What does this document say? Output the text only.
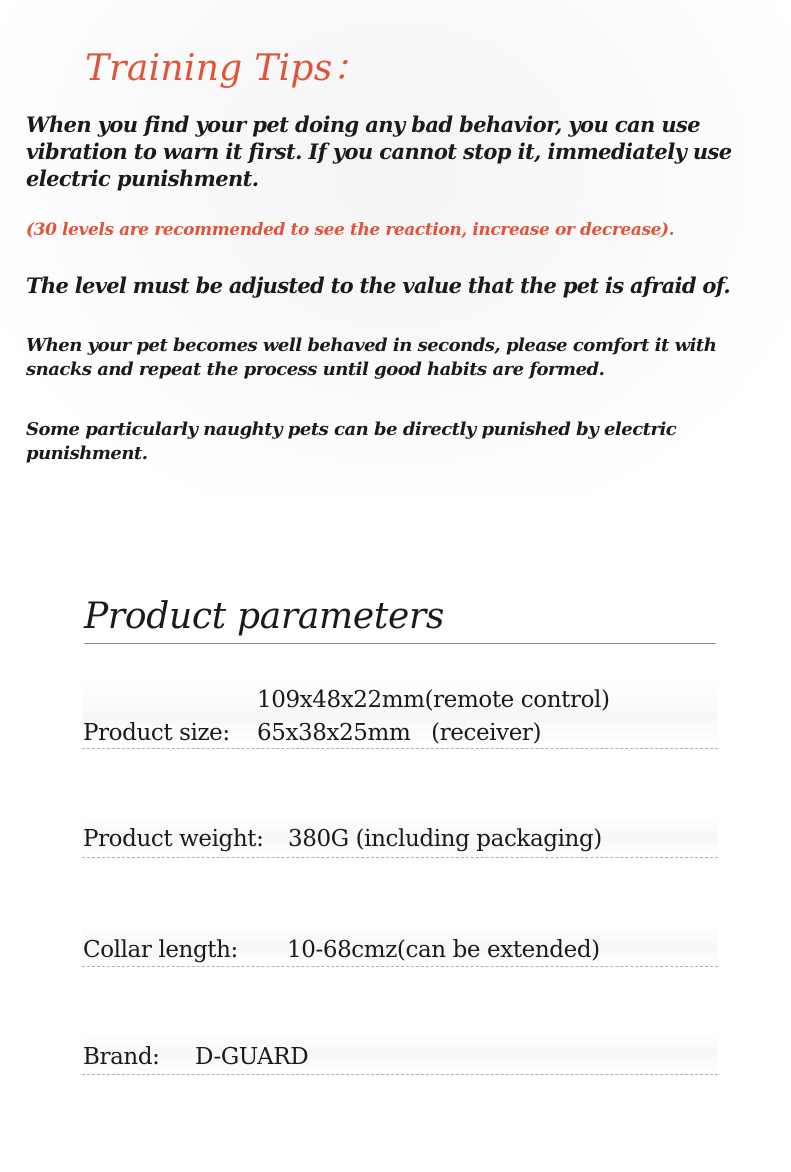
Training Tips：

When you find your pet doing any bad behavior, you can use vibration to warn it first. If you cannot stop it, immediately use electric punishment.

(30 levels are recommended to see the reaction, increase or decrease).

The level must be adjusted to the value that the pet is afraid of.

When your pet becomes well behaved in seconds, please comfort it with snacks and repeat the process until good habits are formed.

Some particularly naughty pets can be directly punished by electric punishment.

Product parameters
109x48x22mm(remote control)
Product size: 65x38x25mm   (receiver)
Product weight: 380G (including packaging)
Collar length: 10-68cmz(can be extended)
Brand: D-GUARD
